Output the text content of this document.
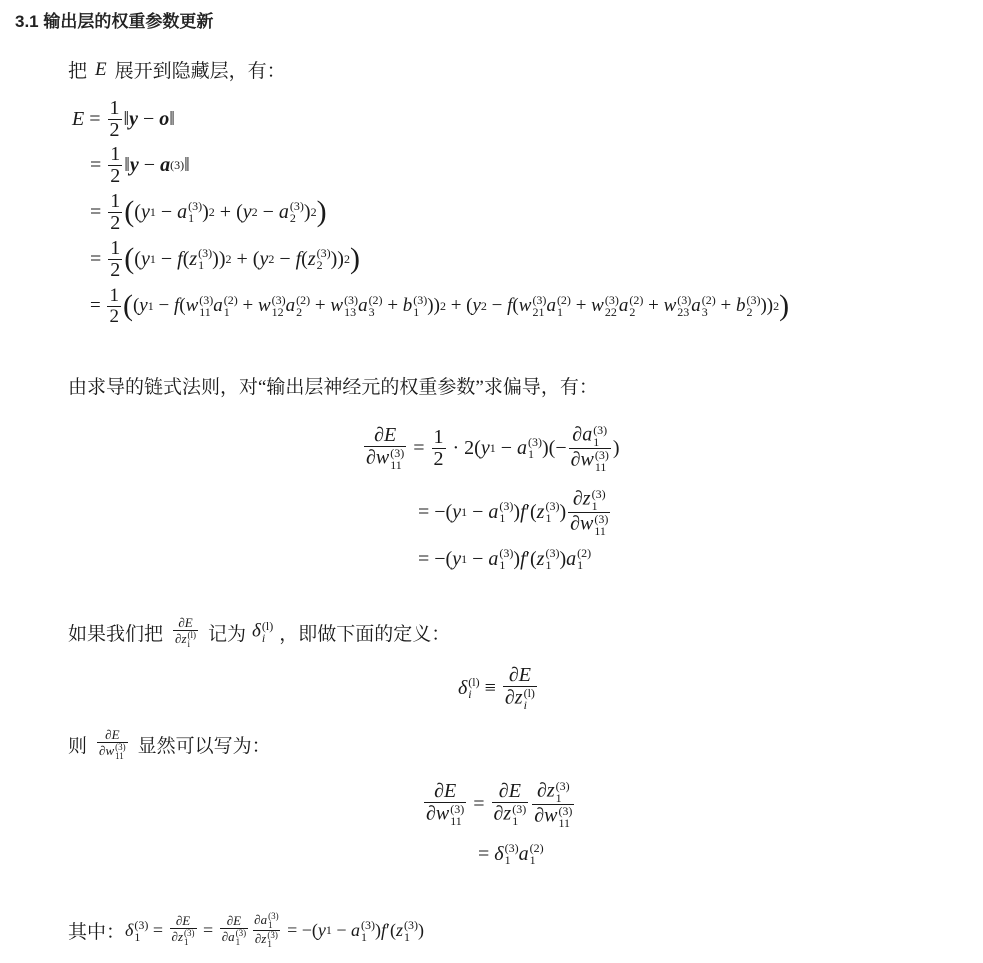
3.1 输出层的权重参数更新
把 E 展开到隐藏层，有：
$E = \frac{1}{2}$ ‖ y − o ‖
= $\frac{1}{2}$ ‖ y − a (3) ‖
= $\frac{1}{2}$ ( ( y 1 − a (3)
1 ) 2 + ( y 2 − a (3)
2 ) 2 )
= $\frac{1}{2}$ ( ( y 1 − f ( z (3)
1 )) 2 + ( y 2 − f ( z (3)
2 )) 2 )
= $\frac{1}{2}$ ( ( y 1 − f ( w (3)
11 a (2)
1 + w (3)
12 a (2)
2 + w (3)
13 a (2)
3 + b (3)
1 )) 2 + ( y 2 − f ( w (3)
21 a (2)
1 + w (3)
22 a (2)
2 + w (3)
23 a (2)
3 + b (3)
2 )) 2 )
由求导的链式法则，对“输出层神经元的权重参数”求偏导，有：
∂E
∂w (3)
$11 = \frac{1}{2} \cdot 2$( y 1 − a (3)
1 )(− ∂a (3)
1
∂w (3)
11 )
= −( y 1 − a (3)
1 ) f ′( z (3)
1 ) ∂z (3)
1
∂w (3)
11
= −( y 1 − a (3)
1 ) f ′( z (3)
1 ) a (2)
1
如果我们把 ∂E
∂z (l)
i 记为 δ (l)
i ，即做下面的定义：
δ (l)
i ≡ ∂E
∂z (l)
i
则 ∂E
∂w (3)
11 显然可以写为：
∂E
∂w (3)
11 = ∂E
∂z (3)
1 ∂z (3)
1
∂w (3)
11
= δ (3)
1 a (2)
1
其中： δ (3)
1 = ∂E
∂z (3)
1 = ∂E
∂a (3)
1 ∂a (3)
1
∂z (3)
1 = −( y 1 − a (3)
1 ) f ′( z (3)
1 )
